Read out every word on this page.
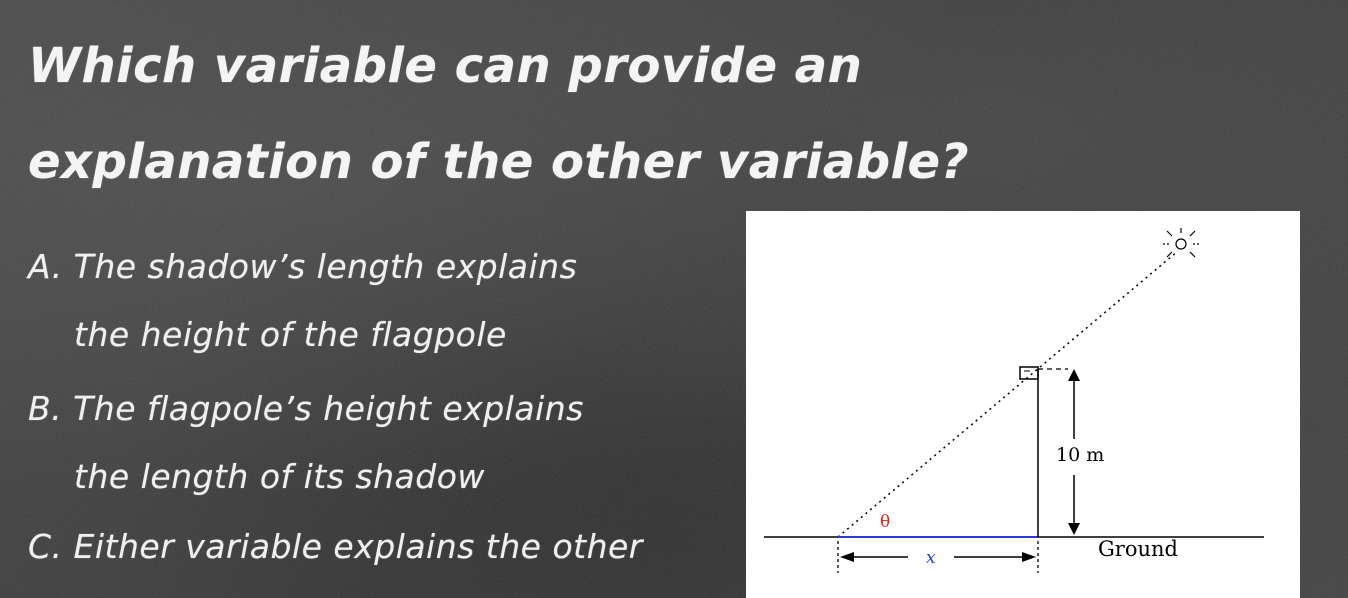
Which variable can provide an
explanation of the other variable?
A. The shadow’s length explains
the height of the flagpole
B. The flagpole’s height explains
the length of its shadow
C. Either variable explains the other
10 m
θ
x	Ground
